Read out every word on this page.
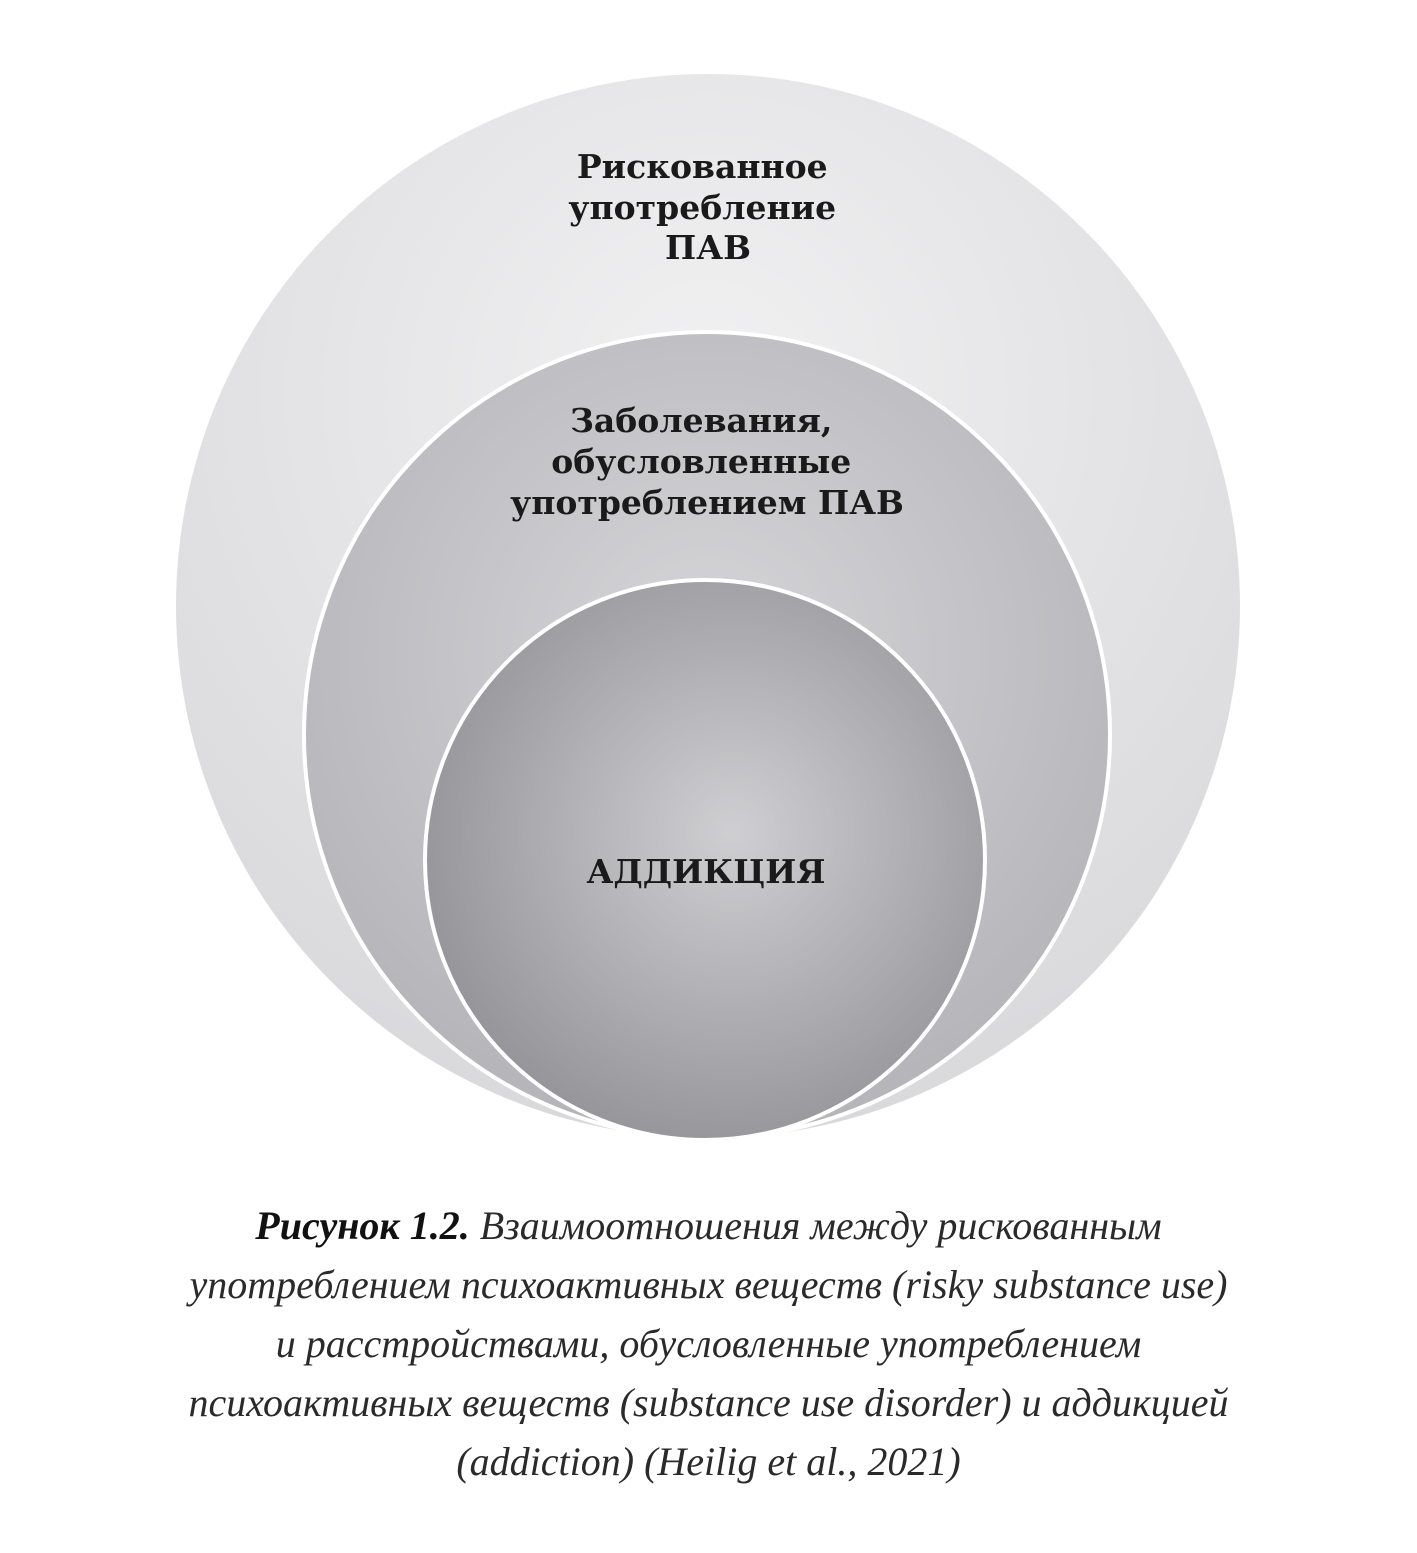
Рискованное употребление ПАВ
Заболевания, обусловленные употреблением ПАВ
АДДИКЦИЯ
Рисунок 1.2. Взаимоотношения между рискованным
употреблением психоактивных веществ (risky substance use)
и расстройствами, обусловленные употреблением
психоактивных веществ (substance use disorder) и аддикцией
(addiction) (Heilig et al., 2021)
